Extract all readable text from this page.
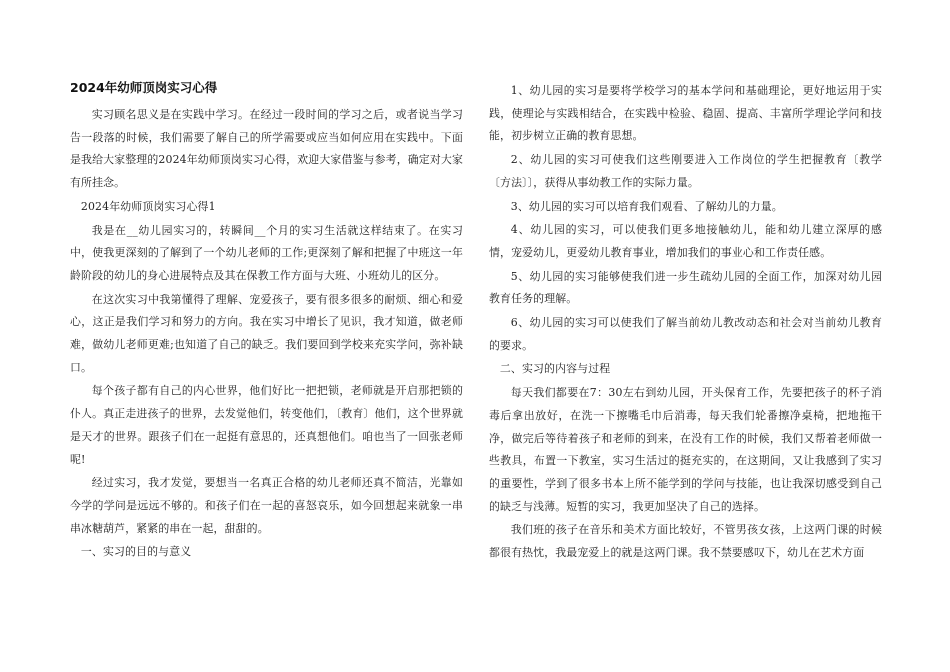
2024年幼师顶岗实习心得

实习顾名思义是在实践中学习。在经过一段时间的学习之后，或者说当学习告一段落的时候，我们需要了解自己的所学需要或应当如何应用在实践中。下面是我给大家整理的2024年幼师顶岗实习心得，欢迎大家借鉴与参考，确定对大家有所挂念。

2024年幼师顶岗实习心得1

我是在__幼儿园实习的，转瞬间__个月的实习生活就这样结束了。在实习中，使我更深刻的了解到了一个幼儿老师的工作;更深刻了解和把握了中班这一年龄阶段的幼儿的身心进展特点及其在保教工作方面与大班、小班幼儿的区分。

在这次实习中我第懂得了理解、宠爱孩子，要有很多很多的耐烦、细心和爱心，这正是我们学习和努力的方向。我在实习中增长了见识，我才知道，做老师难，做幼儿老师更难;也知道了自己的缺乏。我们要回到学校来充实学问，弥补缺口。

每个孩子都有自己的内心世界，他们好比一把把锁，老师就是开启那把锁的仆人。真正走进孩子的世界，去发觉他们，转变他们，〔教育〕他们，这个世界就是天才的世界。跟孩子们在一起挺有意思的，还真想他们。咱也当了一回张老师呢!

经过实习，我才发觉，要想当一名真正合格的幼儿老师还真不简洁，光靠如今学的学问是远远不够的。和孩子们在一起的喜怒哀乐，如今回想起来就象一串串冰糖葫芦，紧紧的串在一起，甜甜的。

一、实习的目的与意义

1、幼儿园的实习是要将学校学习的基本学问和基础理论，更好地运用于实践，使理论与实践相结合，在实践中检验、稳固、提高、丰富所学理论学问和技能，初步树立正确的教育思想。

2、幼儿园的实习可使我们这些刚要进入工作岗位的学生把握教育〔教学〔方法〕〕，获得从事幼教工作的实际力量。

3、幼儿园的实习可以培育我们观看、了解幼儿的力量。

4、幼儿园的实习，可以使我们更多地接触幼儿，能和幼儿建立深厚的感情，宠爱幼儿，更爱幼儿教育事业，增加我们的事业心和工作责任感。

5、幼儿园的实习能够使我们进一步生疏幼儿园的全面工作，加深对幼儿园教育任务的理解。

6、幼儿园的实习可以使我们了解当前幼儿教改动态和社会对当前幼儿教育的要求。

二、实习的内容与过程

每天我们都要在7：30左右到幼儿园，开头保育工作，先要把孩子的杯子消毒后拿出放好，在洗一下擦嘴毛巾后消毒，每天我们轮番擦净桌椅，把地拖干净，做完后等待着孩子和老师的到来，在没有工作的时候，我们又帮着老师做一些教具，布置一下教室，实习生活过的挺充实的，在这期间，又让我感到了实习的重要性，学到了很多书本上所不能学到的学问与技能，也让我深切感受到自己的缺乏与浅薄。短暂的实习，我更加坚决了自己的选择。

我们班的孩子在音乐和美术方面比较好，不管男孩女孩，上这两门课的时候都很有热忱，我最宠爱上的就是这两门课。我不禁要感叹下，幼儿在艺术方面
